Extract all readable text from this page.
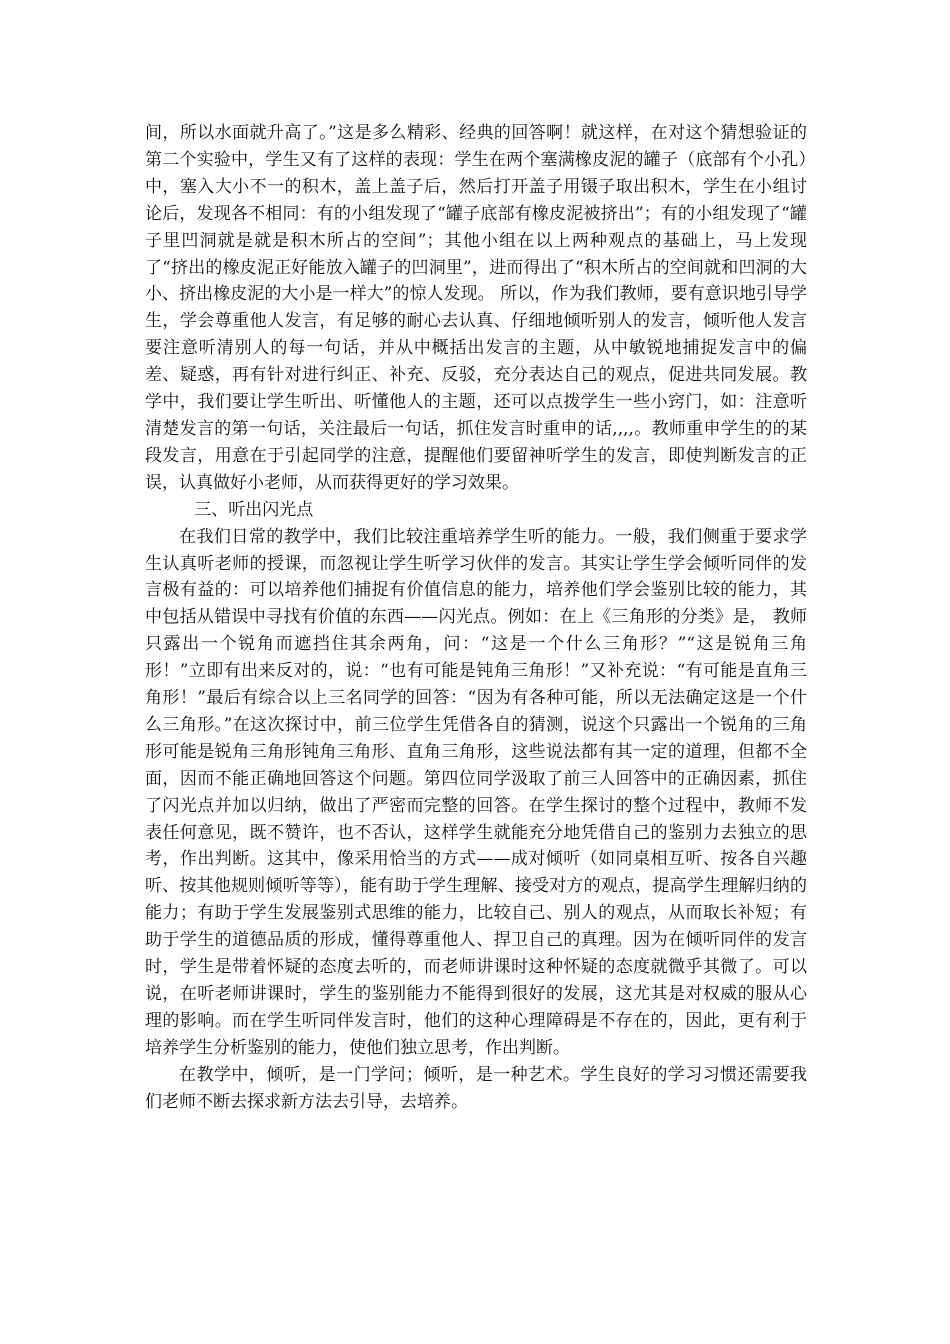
间，所以水面就升高了。”这是多么精彩、经典的回答啊！就这样，在对这个猜想验证的第二个实验中，学生又有了这样的表现：学生在两个塞满橡皮泥的罐子（底部有个小孔）中，塞入大小不一的积木，盖上盖子后，然后打开盖子用镊子取出积木，学生在小组讨论后，发现各不相同：有的小组发现了“罐子底部有橡皮泥被挤出”；有的小组发现了“罐子里凹洞就是就是积木所占的空间”；其他小组在以上两种观点的基础上，马上发现了“挤出的橡皮泥正好能放入罐子的凹洞里”，进而得出了“积木所占的空间就和凹洞的大小、挤出橡皮泥的大小是一样大”的惊人发现。 所以，作为我们教师，要有意识地引导学生，学会尊重他人发言，有足够的耐心去认真、仔细地倾听别人的发言，倾听他人发言要注意听清别人的每一句话，并从中概括出发言的主题，从中敏锐地捕捉发言中的偏差、疑惑，再有针对进行纠正、补充、反驳，充分表达自己的观点，促进共同发展。教学中，我们要让学生听出、听懂他人的主题，还可以点拨学生一些小窍门，如：注意听清楚发言的第一句话，关注最后一句话，抓住发言时重申的话,,,,。教师重申学生的的某段发言，用意在于引起同学的注意，提醒他们要留神听学生的发言，即使判断发言的正误，认真做好小老师，从而获得更好的学习效果。

三、听出闪光点

在我们日常的教学中，我们比较注重培养学生听的能力。一般，我们侧重于要求学生认真听老师的授课，而忽视让学生听学习伙伴的发言。其实让学生学会倾听同伴的发言极有益的：可以培养他们捕捉有价值信息的能力，培养他们学会鉴别比较的能力，其中包括从错误中寻找有价值的东西——闪光点。例如：在上《三角形的分类》是， 教师只露出一个锐角而遮挡住其余两角，问：“这是一个什么三角形？”“这是锐角三角形！”立即有出来反对的，说：“也有可能是钝角三角形！”又补充说：“有可能是直角三角形！”最后有综合以上三名同学的回答：“因为有各种可能，所以无法确定这是一个什么三角形。”在这次探讨中，前三位学生凭借各自的猜测，说这个只露出一个锐角的三角形可能是锐角三角形钝角三角形、直角三角形，这些说法都有其一定的道理，但都不全面，因而不能正确地回答这个问题。第四位同学汲取了前三人回答中的正确因素，抓住了闪光点并加以归纳，做出了严密而完整的回答。在学生探讨的整个过程中，教师不发表任何意见，既不赞许，也不否认，这样学生就能充分地凭借自己的鉴别力去独立的思考，作出判断。这其中，像采用恰当的方式——成对倾听（如同桌相互听、按各自兴趣听、按其他规则倾听等等），能有助于学生理解、接受对方的观点，提高学生理解归纳的能力；有助于学生发展鉴别式思维的能力，比较自己、别人的观点，从而取长补短；有助于学生的道德品质的形成，懂得尊重他人、捍卫自己的真理。因为在倾听同伴的发言时，学生是带着怀疑的态度去听的，而老师讲课时这种怀疑的态度就微乎其微了。可以说，在听老师讲课时，学生的鉴别能力不能得到很好的发展，这尤其是对权威的服从心理的影响。而在学生听同伴发言时，他们的这种心理障碍是不存在的，因此，更有利于培养学生分析鉴别的能力，使他们独立思考，作出判断。

在教学中，倾听，是一门学问；倾听，是一种艺术。学生良好的学习习惯还需要我们老师不断去探求新方法去引导，去培养。
